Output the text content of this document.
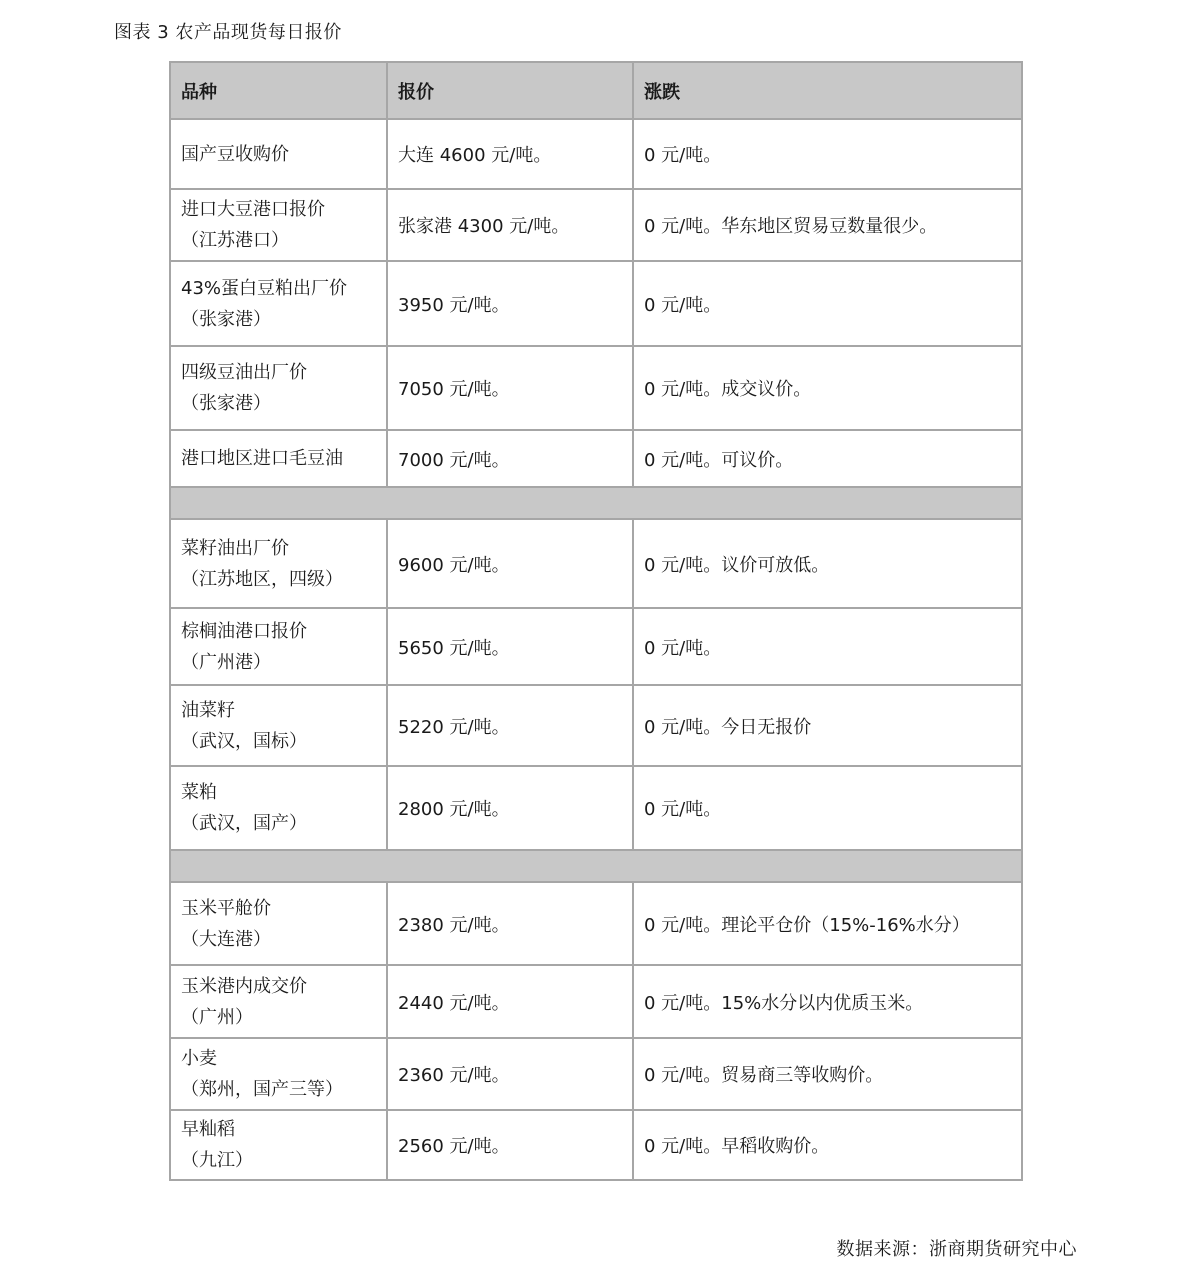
图表 3 农产品现货每日报价
品种	报价	涨跌

国产豆收购价	大连 4600 元/吨。	0 元/吨。

进口大豆港口报价
（江苏港口）	张家港 4300 元/吨。	0 元/吨。华东地区贸易豆数量很少。

43%蛋白豆粕出厂价
（张家港）	3950 元/吨。	0 元/吨。

四级豆油出厂价
（张家港）	7050 元/吨。	0 元/吨。成交议价。

港口地区进口毛豆油	7000 元/吨。	0 元/吨。可议价。

菜籽油出厂价
（江苏地区，四级）	9600 元/吨。	0 元/吨。议价可放低。

棕榈油港口报价
（广州港）	5650 元/吨。	0 元/吨。

油菜籽
（武汉，国标）	5220 元/吨。	0 元/吨。今日无报价

菜粕
（武汉，国产）	2800 元/吨。	0 元/吨。

玉米平舱价
（大连港）	2380 元/吨。	0 元/吨。理论平仓价（15%-16%水分）

玉米港内成交价
（广州）	2440 元/吨。	0 元/吨。15%水分以内优质玉米。

小麦
（郑州，国产三等）	2360 元/吨。	0 元/吨。贸易商三等收购价。

早籼稻
（九江）	2560 元/吨。	0 元/吨。早稻收购价。
数据来源：浙商期货研究中心
